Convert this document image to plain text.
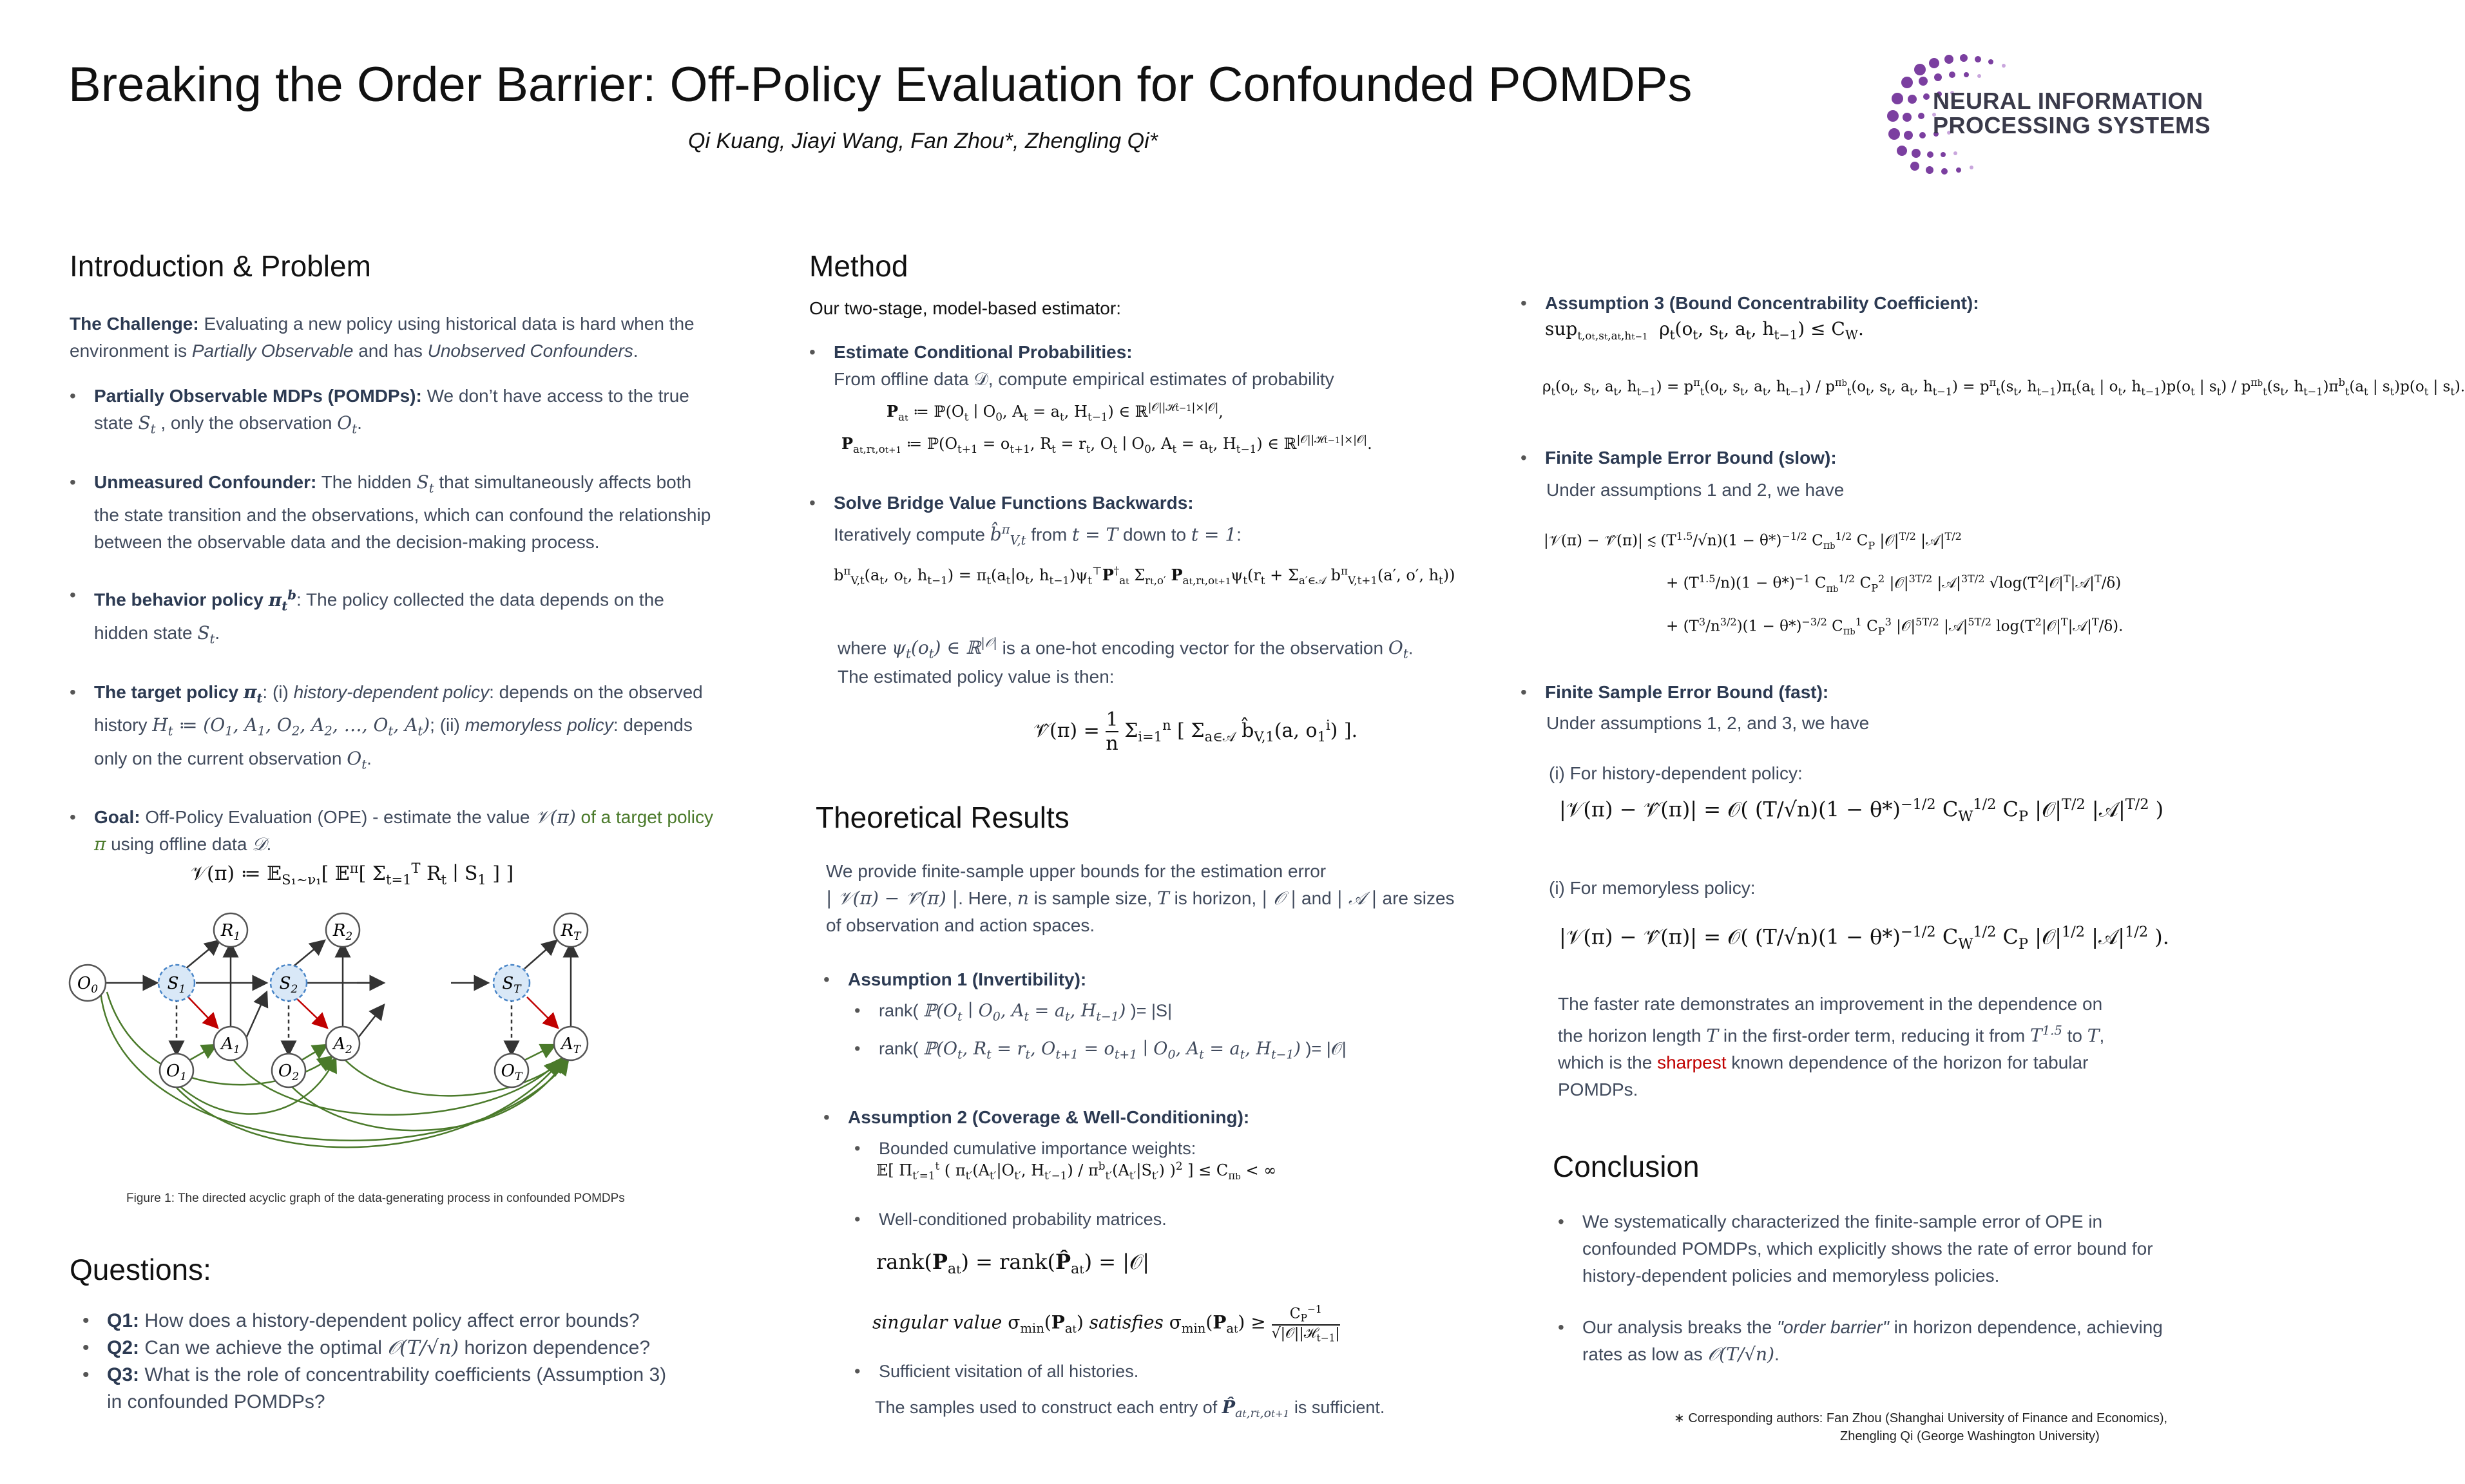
Breaking the Order Barrier: Off-Policy Evaluation for Confounded POMDPs
Qi Kuang, Jiayi Wang, Fan Zhou*, Zhengling Qi*
NEURAL INFORMATION
PROCESSING SYSTEMS
Introduction & Problem
The Challenge: Evaluating a new policy using historical data is hard when the environment is Partially Observable and has Unobserved Confounders.
• Partially Observable MDPs (POMDPs): We don’t have access to the true state $S_t$ , only the observation $O_t$.
• Unmeasured Confounder: The hidden $S_t$ that simultaneously affects both the state transition and the observations, which can confound the relationship between the observable data and the decision-making process.
• The behavior policy $\pi_t^b$: The policy collected the data depends on the hidden state $S_t$.
• The target policy $\pi_t$: (i) history-dependent policy: depends on the observed history $H_t$ ≔ ($O_1$, $A_1$, $O_2$, $A_2$, …, $O_t$, $A_t$); (ii) memoryless policy: depends only on the current observation $O_t$.
• Goal: Off-Policy Evaluation (OPE) - estimate the value 𝒱(π) of a target policy π using offline data 𝒟.
𝒱(π) ≔ 𝔼$_{S_1\sim\nu_1}$[ 𝔼$^\pi$[ $\Sigma_{t=1}^T$ $R_t$ ∣ $S_1$ ] ]
$O_0$	$S_1$	$S_2$	$S_T$
$R_1$	$R_2$	$R_T$
$A_1$	$A_2$	$A_T$
$O_1$	$O_2$	$O_T$
Figure 1: The directed acyclic graph of the data-generating process in confounded POMDPs
Questions:
• Q1: How does a history-dependent policy affect error bounds?
• Q2: Can we achieve the optimal 𝒪(T/√n) horizon dependence?
• Q3: What is the role of concentrability coefficients (Assumption 3) in confounded POMDPs?
Method
Our two-stage, model-based estimator:
• Estimate Conditional Probabilities:
From offline data 𝒟, compute empirical estimates of probability
$P_{at}$ ≔ $ℙ(O_t$ ∣ $O_0$, $A_t = a_t$, $H_{t-1}$) ∈ ℝ$^{|𝒪||ℋt-1|\times|𝒪|}$,
$P_{at,rt,ot+1}$ ≔ $ℙ(O_{t+1} = o_{t+1}$, $R_t = r_t$, $O_t$ ∣ $O_0$, $A_t = a_t$, $H_{t-1}$) ∈ ℝ$^{|𝒪||ℋt-1|\times|𝒪|}$.
• Solve Bridge Value Functions Backwards:
Iteratively compute b̂$^\pi_{V,t}$ from t = T down to t = 1:
$b^\pi_{V,t}(a_t$, $o_t$, $h_{t-1}) = \pi_t(a_t|o_t$, $h_{t-1})\psi_t^⊤P^\dagger_{at}$ $\Sigma_{rt,o'}$ $P_{at,rt,ot+1}\psi_t(r_t + \Sigma_{a'\in 𝒜}$ $b^\pi_{V,t+1}(a'$, o′, $h_t$))
where $\psi_t(o_t)$ ∈ ℝ$^{|𝒪|}$ is a one-hot encoding vector for the observation $O_t$.
The estimated policy value is then:
𝒱̂(π) = $\frac{1}{n} \Sigma_{i=1}^n$ [ $\Sigma_{a\in 𝒜}$ $b̂_{V,1}(a$, $o_1^i$) ].
Theoretical Results
We provide finite-sample upper bounds for the estimation error
| 𝒱(π) − 𝒱̂(π) |. Here, n is sample size, T is horizon, | 𝒪 | and | 𝒜 | are sizes of observation and action spaces.
• Assumption 1 (Invertibility):
• rank( $ℙ(O_t$ ∣ $O_0$, $A_t = a_t$, $H_{t-1}$) )= |S|
• rank( $ℙ(O_t$, $R_t = r_t$, $O_{t+1} = o_{t+1}$ ∣ $O_0$, $A_t = a_t$, $H_{t-1}$) )= |𝒪|
• Assumption 2 (Coverage & Well-Conditioning):
• Bounded cumulative importance weights:
𝔼[ $\Pi_{t'=1}^t$ ( $\pi_{t'}(A_{t'}|O_{t'}$, $H_{t'-1}) / \pi^b_{t'}(A_{t'}|S_{t'})$ )$^2$ ] ≤ $C_{\pi b}$ < ∞
• Well-conditioned probability matrices.
$rank(P_{at})$ = $rank(P̂_{at})$ = |𝒪|
singular value $\sigma_{min}(P_{at})$ satisfies $\sigma_{min}(P_{at})$ ≥	$C_P^{-1}$
√|𝒪||ℋ$_{t-1}$|
• Sufficient visitation of all histories.
The samples used to construct each entry of $P̂_{at,rt,ot+1}$ is sufficient.
• Assumption 3 (Bound Concentrability Coefficient):
sup$_{t,ot,st,at,ht-1}$  $\rho_t(o_t$, $s_t$, $a_t$, $h_{t-1}) \le C_W$.
$\rho_t(o_t$, $s_t$, $a_t$, $h_{t-1}) = p^\pi_t(o_t$, $s_t$, $a_t$, $h_{t-1}) / p^{\pi b}_t(o_t$, $s_t$, $a_t$, $h_{t-1}) = p^\pi_t(s_t$, $h_{t-1})\pi_t(a_t$ | $o_t$, $h_{t-1})p(o_t$ | $s_t) / p^{\pi b}_t(s_t$, $h_{t-1})\pi^b_t(a_t$ | $s_t)p(o_t$ | $s_t$).
• Finite Sample Error Bound (slow):
Under assumptions 1 and 2, we have
|𝒱(π) − 𝒱̂(π)| ≲ $(T^{1.5}/√n)(1 - \theta*)^{-1/2}$ $C_{\pi b}^{1/2}$ $C_P$ $|𝒪|^{T/2}$ $|𝒜|^{T/2}$
+ $(T^{1.5}/n)(1 - \theta*)^{-1}$ $C_{\pi b}^{1/2}$ $C_P^2$ $|𝒪|^{3T/2}$ $|𝒜|^{3T/2}$ $√\log(T^2|𝒪|^T|𝒜|^T/\delta)$
+ $(T^3/n^{3/2})(1 - \theta*)^{-3/2}$ $C_{\pi b}^1$ $C_P^3$ $|𝒪|^{5T/2}$ $|𝒜|^{5T/2}$ $\log(T^2|𝒪|^T|𝒜|^T/\delta)$.
• Finite Sample Error Bound (fast):
Under assumptions 1, 2, and 3, we have
(i) For history-dependent policy:
|𝒱(π) − 𝒱̂(π)| = 𝒪( $(T/√n)(1 - \theta*)^{-1/2}$ $C_W^{1/2}$ $C_P$ $|𝒪|^{T/2}$ $|𝒜|^{T/2}$ )
(i) For memoryless policy:
|𝒱(π) − 𝒱̂(π)| = 𝒪( $(T/√n)(1 - \theta*)^{-1/2}$ $C_W^{1/2}$ $C_P$ $|𝒪|^{1/2}$ $|𝒜|^{1/2}$ ).
The faster rate demonstrates an improvement in the dependence on the horizon length T in the first-order term, reducing it from $T^{1.5}$ to T, which is the sharpest known dependence of the horizon for tabular POMDPs.
Conclusion
• We systematically characterized the finite-sample error of OPE in confounded POMDPs, which explicitly shows the rate of error bound for history-dependent policies and memoryless policies.
• Our analysis breaks the "order barrier" in horizon dependence, achieving rates as low as 𝒪(T/√n).
∗ Corresponding authors: Fan Zhou (Shanghai University of Finance and Economics),
Zhengling Qi (George Washington University)
